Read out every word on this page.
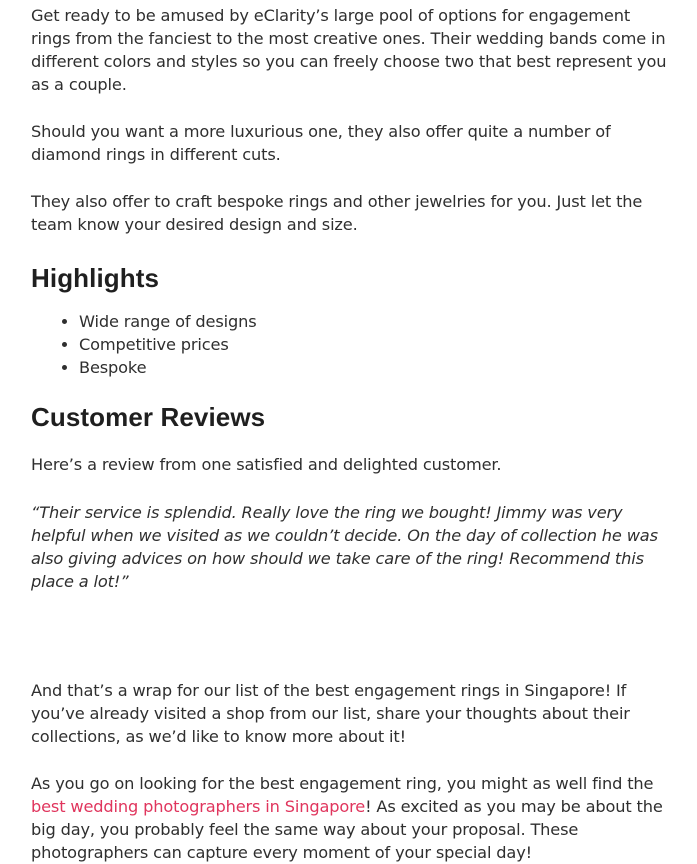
Get ready to be amused by eClarity’s large pool of options for engagement rings from the fanciest to the most creative ones. Their wedding bands come in different colors and styles so you can freely choose two that best represent you as a couple.

Should you want a more luxurious one, they also offer quite a number of diamond rings in different cuts.

They also offer to craft bespoke rings and other jewelries for you. Just let the team know your desired design and size.

Highlights
• Wide range of designs
• Competitive prices
• Bespoke
Customer Reviews

Here’s a review from one satisfied and delighted customer.

“Their service is splendid. Really love the ring we bought! Jimmy was very helpful when we visited as we couldn’t decide. On the day of collection he was also giving advices on how should we take care of the ring! Recommend this place a lot!”

And that’s a wrap for our list of the best engagement rings in Singapore! If you’ve already visited a shop from our list, share your thoughts about their collections, as we’d like to know more about it!

As you go on looking for the best engagement ring, you might as well find the best wedding photographers in Singapore! As excited as you may be about the big day, you probably feel the same way about your proposal. These photographers can capture every moment of your special day!
